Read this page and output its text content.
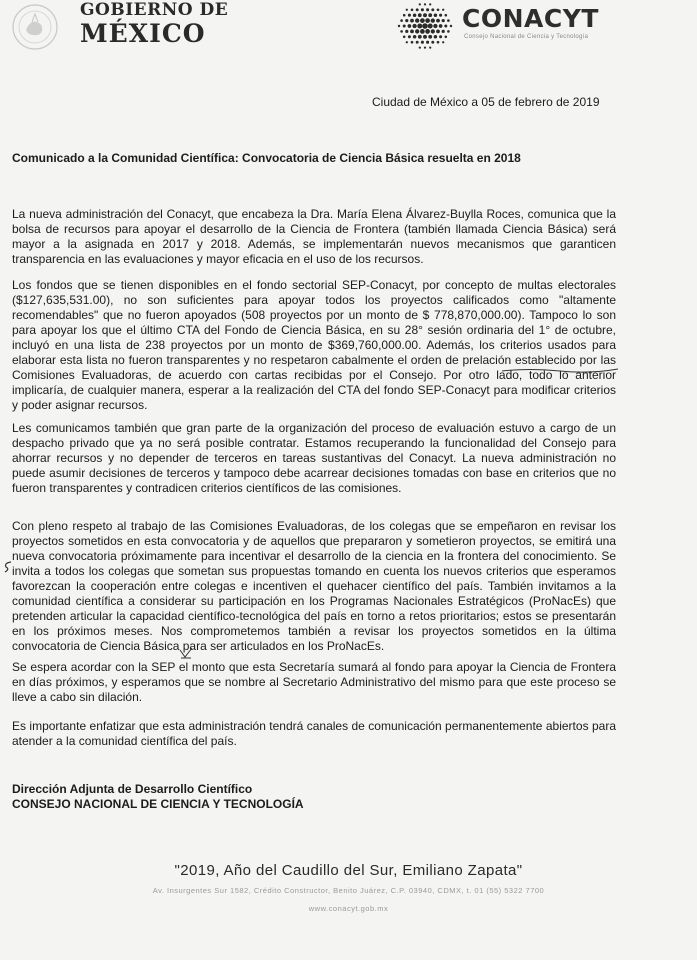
GOBIERNO DE
MÉXICO
CONACYT
Consejo Nacional de Ciencia y Tecnología
Ciudad de México a 05 de febrero de 2019
Comunicado a la Comunidad Científica: Convocatoria de Ciencia Básica resuelta en 2018

La nueva administración del Conacyt, que encabeza la Dra. María Elena Álvarez-Buylla Roces, comunica que la bolsa de recursos para apoyar el desarrollo de la Ciencia de Frontera (también llamada Ciencia Básica) será mayor a la asignada en 2017 y 2018. Además, se implementarán nuevos mecanismos que garanticen transparencia en las evaluaciones y mayor eficacia en el uso de los recursos.

Los fondos que se tienen disponibles en el fondo sectorial SEP-Conacyt, por concepto de multas electorales ($127,635,531.00), no son suficientes para apoyar todos los proyectos calificados como "altamente recomendables" que no fueron apoyados (508 proyectos por un monto de $ 778,870,000.00). Tampoco lo son para apoyar los que el último CTA del Fondo de Ciencia Básica, en su 28° sesión ordinaria del 1° de octubre, incluyó en una lista de 238 proyectos por un monto de $369,760,000.00. Además, los criterios usados para elaborar esta lista no fueron transparentes y no respetaron cabalmente el orden de prelación establecido por las Comisiones Evaluadoras, de acuerdo con cartas recibidas por el Consejo. Por otro lado, todo lo anterior implicaría, de cualquier manera, esperar a la realización del CTA del fondo SEP-Conacyt para modificar criterios y poder asignar recursos.

Les comunicamos también que gran parte de la organización del proceso de evaluación estuvo a cargo de un despacho privado que ya no será posible contratar. Estamos recuperando la funcionalidad del Consejo para ahorrar recursos y no depender de terceros en tareas sustantivas del Conacyt. La nueva administración no puede asumir decisiones de terceros y tampoco debe acarrear decisiones tomadas con base en criterios que no fueron transparentes y contradicen criterios científicos de las comisiones.

Con pleno respeto al trabajo de las Comisiones Evaluadoras, de los colegas que se empeñaron en revisar los proyectos sometidos en esta convocatoria y de aquellos que prepararon y sometieron proyectos, se emitirá una nueva convocatoria próximamente para incentivar el desarrollo de la ciencia en la frontera del conocimiento. Se invita a todos los colegas que sometan sus propuestas tomando en cuenta los nuevos criterios que esperamos favorezcan la cooperación entre colegas e incentiven el quehacer científico del país. También invitamos a la comunidad científica a considerar su participación en los Programas Nacionales Estratégicos (ProNacEs) que pretenden articular la capacidad científico-tecnológica del país en torno a retos prioritarios; estos se presentarán en los próximos meses. Nos comprometemos también a revisar los proyectos sometidos en la última convocatoria de Ciencia Básica para ser articulados en los ProNacEs.

Se espera acordar con la SEP el monto que esta Secretaría sumará al fondo para apoyar la Ciencia de Frontera en días próximos, y esperamos que se nombre al Secretario Administrativo del mismo para que este proceso se lleve a cabo sin dilación.

Es importante enfatizar que esta administración tendrá canales de comunicación permanentemente abiertos para atender a la comunidad científica del país.

Dirección Adjunta de Desarrollo Científico
CONSEJO NACIONAL DE CIENCIA Y TECNOLOGÍA
"2019, Año del Caudillo del Sur, Emiliano Zapata"
Av. Insurgentes Sur 1582, Crédito Constructor, Benito Juárez, C.P. 03940, CDMX, t. 01 (55) 5322 7700
www.conacyt.gob.mx
